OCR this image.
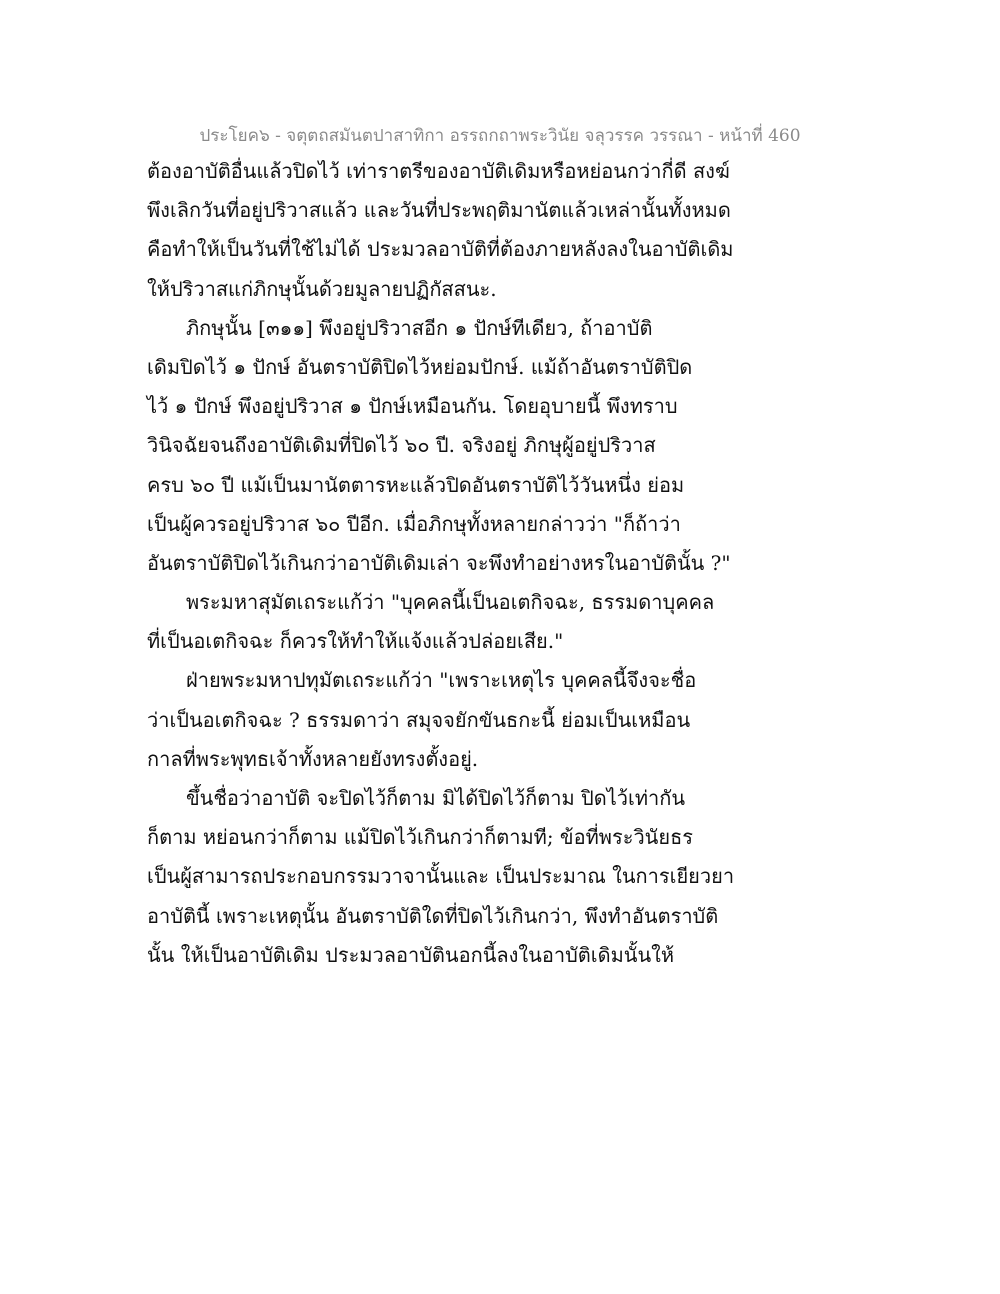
ประโยค๖ - จตุตถสมันตปาสาทิกา อรรถกถาพระวินัย จลุวรรค วรรณา - หน้าที่ 460
ต้องอาบัติอื่นแล้วปิดไว้ เท่าราตรีของอาบัติเดิมหรือหย่อนกว่ากี่ดี สงฆ์
พึงเลิกวันที่อยู่ปริวาสแล้ว และวันที่ประพฤติมานัตแล้วเหล่านั้นทั้งหมด
คือทำให้เป็นวันที่ใช้ไม่ได้ ประมวลอาบัติที่ต้องภายหลังลงในอาบัติเดิม
ให้ปริวาสแก่ภิกษุนั้นด้วยมูลายปฏิกัสสนะ.
ภิกษุนั้น [๓๑๑] พึงอยู่ปริวาสอีก ๑ ปักษ์ทีเดียว, ถ้าอาบัติ
เดิมปิดไว้ ๑ ปักษ์ อันตราบัติปิดไว้หย่อมปักษ์. แม้ถ้าอันตราบัติปิด
ไว้ ๑ ปักษ์ พึงอยู่ปริวาส ๑ ปักษ์เหมือนกัน. โดยอุบายนี้ พึงทราบ
วินิจฉัยจนถึงอาบัติเดิมที่ปิดไว้ ๖๐ ปี. จริงอยู่ ภิกษุผู้อยู่ปริวาส
ครบ ๖๐ ปี แม้เป็นมานัตตารหะแล้วปิดอันตราบัติไว้วันหนึ่ง ย่อม
เป็นผู้ควรอยู่ปริวาส ๖๐ ปีอีก. เมื่อภิกษุทั้งหลายกล่าวว่า "ก็ถ้าว่า
อันตราบัติปิดไว้เกินกว่าอาบัติเดิมเล่า จะพึงทำอย่างหรในอาบัตินั้น ?"
พระมหาสุมัตเถระแก้ว่า "บุคคลนี้เป็นอเตกิจฉะ, ธรรมดาบุคคล
ที่เป็นอเตกิจฉะ ก็ควรให้ทำให้แจ้งแล้วปล่อยเสีย."
ฝ่ายพระมหาปทุมัตเถระแก้ว่า "เพราะเหตุไร บุคคลนี้จึงจะชื่อ
ว่าเป็นอเตกิจฉะ ? ธรรมดาว่า สมุจจยักขันธกะนี้ ย่อมเป็นเหมือน
กาลที่พระพุทธเจ้าทั้งหลายยังทรงตั้งอยู่.
ขึ้นชื่อว่าอาบัติ จะปิดไว้ก็ตาม มิได้ปิดไว้ก็ตาม ปิดไว้เท่ากัน
ก็ตาม หย่อนกว่าก็ตาม แม้ปิดไว้เกินกว่าก็ตามที; ข้อที่พระวินัยธร
เป็นผู้สามารถประกอบกรรมวาจานั้นและ เป็นประมาณ ในการเยียวยา
อาบัตินี้ เพราะเหตุนั้น อันตราบัติใดที่ปิดไว้เกินกว่า, พึงทำอันตราบัติ
นั้น ให้เป็นอาบัติเดิม ประมวลอาบัตินอกนี้ลงในอาบัติเดิมนั้นให้
